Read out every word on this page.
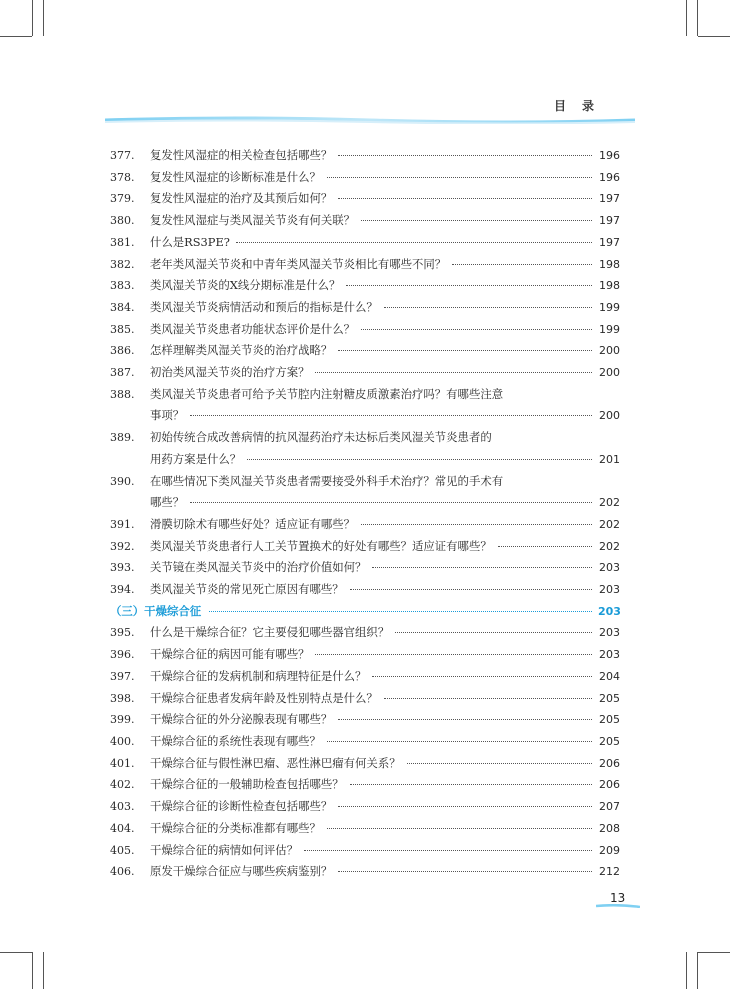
目录
377.	复发性风湿症的相关检查包括哪些？	196
378.	复发性风湿症的诊断标准是什么？	196
379.	复发性风湿症的治疗及其预后如何？	197
380.	复发性风湿症与类风湿关节炎有何关联？	197
381.	什么是RS3PE?	197
382.	老年类风湿关节炎和中青年类风湿关节炎相比有哪些不同？	198
383.	类风湿关节炎的X线分期标准是什么？	198
384.	类风湿关节炎病情活动和预后的指标是什么？	199
385.	类风湿关节炎患者功能状态评价是什么？	199
386.	怎样理解类风湿关节炎的治疗战略？	200
387.	初治类风湿关节炎的治疗方案？	200
388.	类风湿关节炎患者可给予关节腔内注射糖皮质激素治疗吗？有哪些注意
事项？	200
389.	初始传统合成改善病情的抗风湿药治疗未达标后类风湿关节炎患者的
用药方案是什么？	201
390.	在哪些情况下类风湿关节炎患者需要接受外科手术治疗？常见的手术有
哪些？	202
391.	滑膜切除术有哪些好处？适应证有哪些？	202
392.	类风湿关节炎患者行人工关节置换术的好处有哪些？适应证有哪些？	202
393.	关节镜在类风湿关节炎中的治疗价值如何？	203
394.	类风湿关节炎的常见死亡原因有哪些？	203
（三）干燥综合征	203
395.	什么是干燥综合征？它主要侵犯哪些器官组织？	203
396.	干燥综合征的病因可能有哪些？	203
397.	干燥综合征的发病机制和病理特征是什么？	204
398.	干燥综合征患者发病年龄及性别特点是什么？	205
399.	干燥综合征的外分泌腺表现有哪些？	205
400.	干燥综合征的系统性表现有哪些？	205
401.	干燥综合征与假性淋巴瘤、恶性淋巴瘤有何关系？	206
402.	干燥综合征的一般辅助检查包括哪些？	206
403.	干燥综合征的诊断性检查包括哪些？	207
404.	干燥综合征的分类标准都有哪些？	208
405.	干燥综合征的病情如何评估？	209
406.	原发干燥综合征应与哪些疾病鉴别？	212
13
